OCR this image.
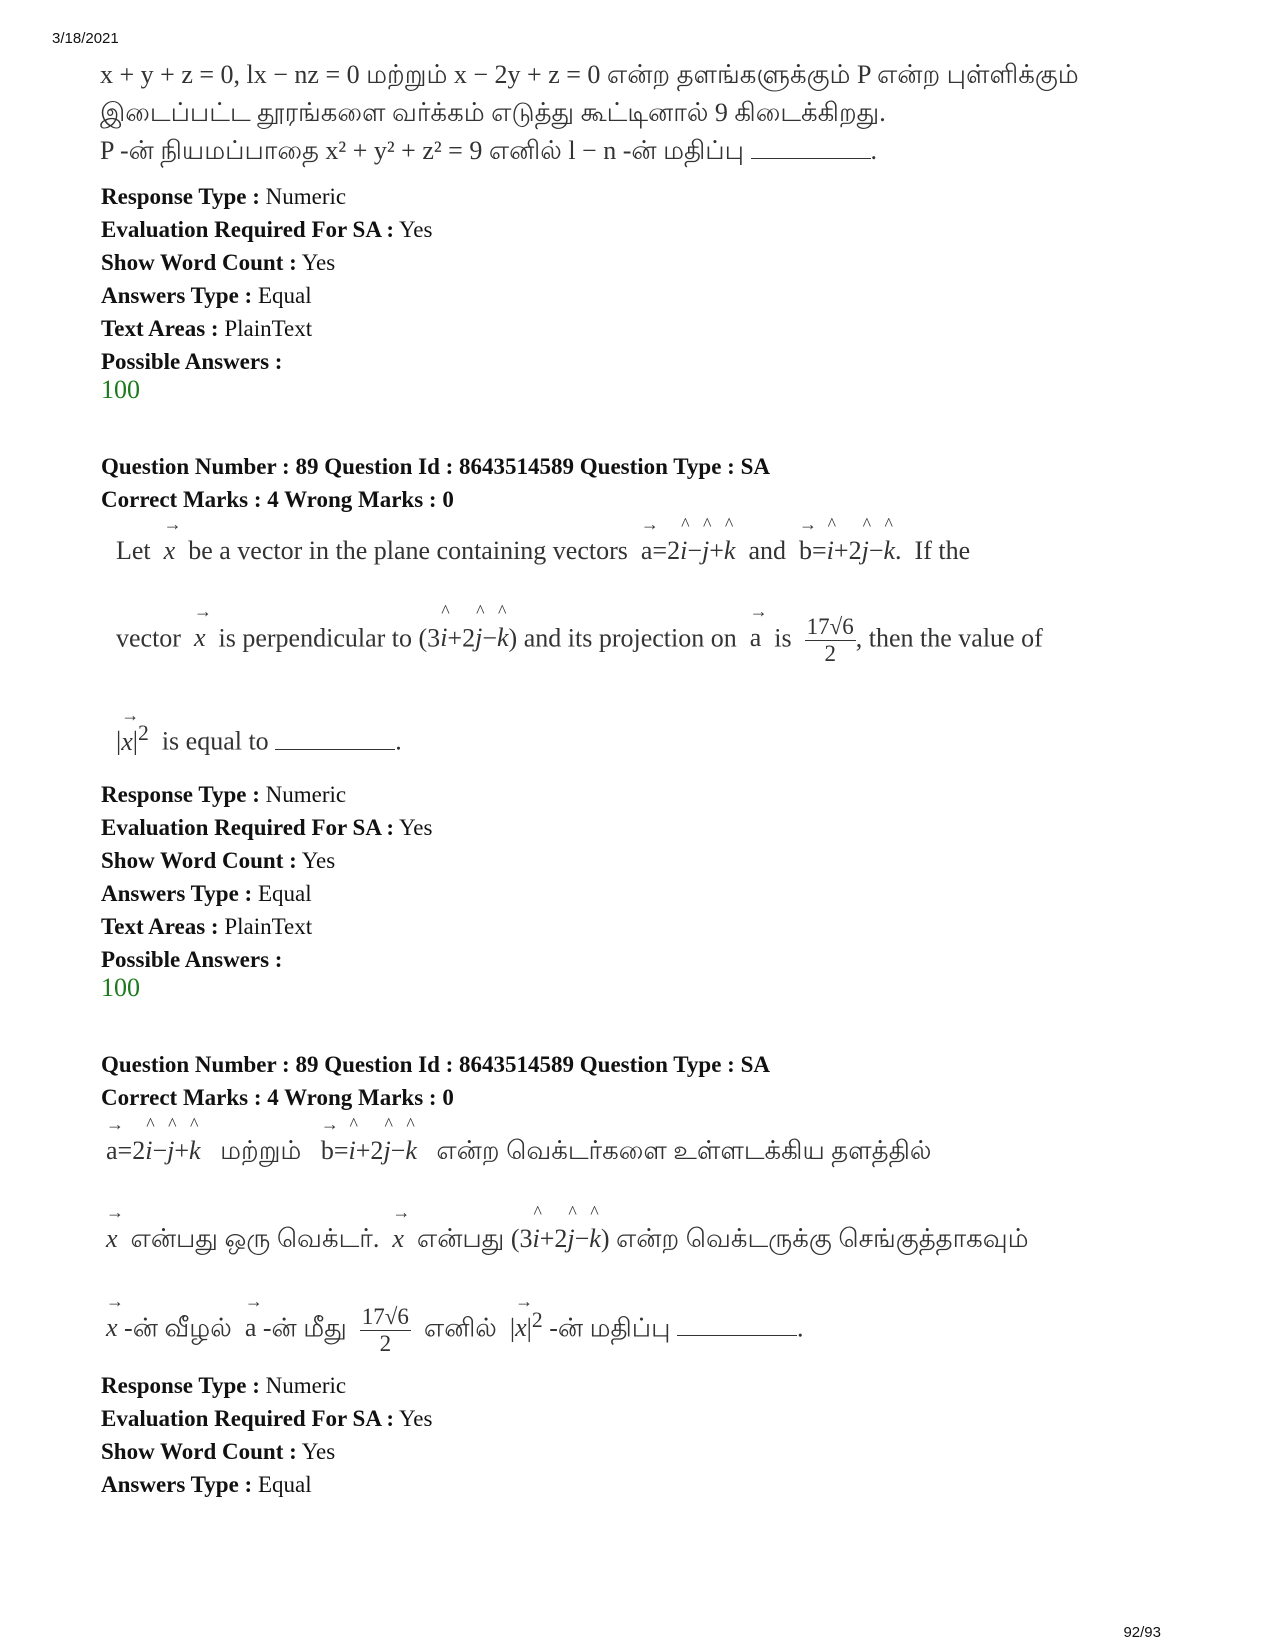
3/18/2021
x + y + z = 0, lx − nz = 0 மற்றும் x − 2y + z = 0 என்ற தளங்களுக்கும் P என்ற புள்ளிக்கும்
இடைப்பட்ட தூரங்களை வர்க்கம் எடுத்து கூட்டினால் 9 கிடைக்கிறது.
P -ன் நியமப்பாதை x² + y² + z² = 9 எனில் l − n -ன் மதிப்பு	.
Response Type : Numeric
Evaluation Required For SA : Yes
Show Word Count : Yes
Answers Type : Equal
Text Areas : PlainText
Possible Answers :
100
Question Number : 89 Question Id : 8643514589 Question Type : SA
Correct Marks : 4 Wrong Marks : 0
Let → x be a vector in the plane containing vectors → a=2^ i−^ j+^ k and → b=^ i+2^ j−^ k.  If the
vector → x is perpendicular to (3^ i+2^ j−^ k) and its projection on → a is $\frac{17√6}{2}$ , then the value of
|→ $x|^2$ is equal to	.
Response Type : Numeric
Evaluation Required For SA : Yes
Show Word Count : Yes
Answers Type : Equal
Text Areas : PlainText
Possible Answers :
100
Question Number : 89 Question Id : 8643514589 Question Type : SA
Correct Marks : 4 Wrong Marks : 0
→ a=2^ i−^ j+^ k மற்றும் → b=^ i+2^ j−^ k என்ற வெக்டர்களை உள்ளடக்கிய தளத்தில்
→ x என்பது ஒரு வெக்டர். → x என்பது (3^ i+2^ j−^ k) என்ற வெக்டருக்கு செங்குத்தாகவும்
→ x -ன் வீழல் → a -ன் மீது $\frac{17√6}{2}$ எனில்  |→ $x|^2$ -ன் மதிப்பு	.
Response Type : Numeric
Evaluation Required For SA : Yes
Show Word Count : Yes
Answers Type : Equal
92/93
